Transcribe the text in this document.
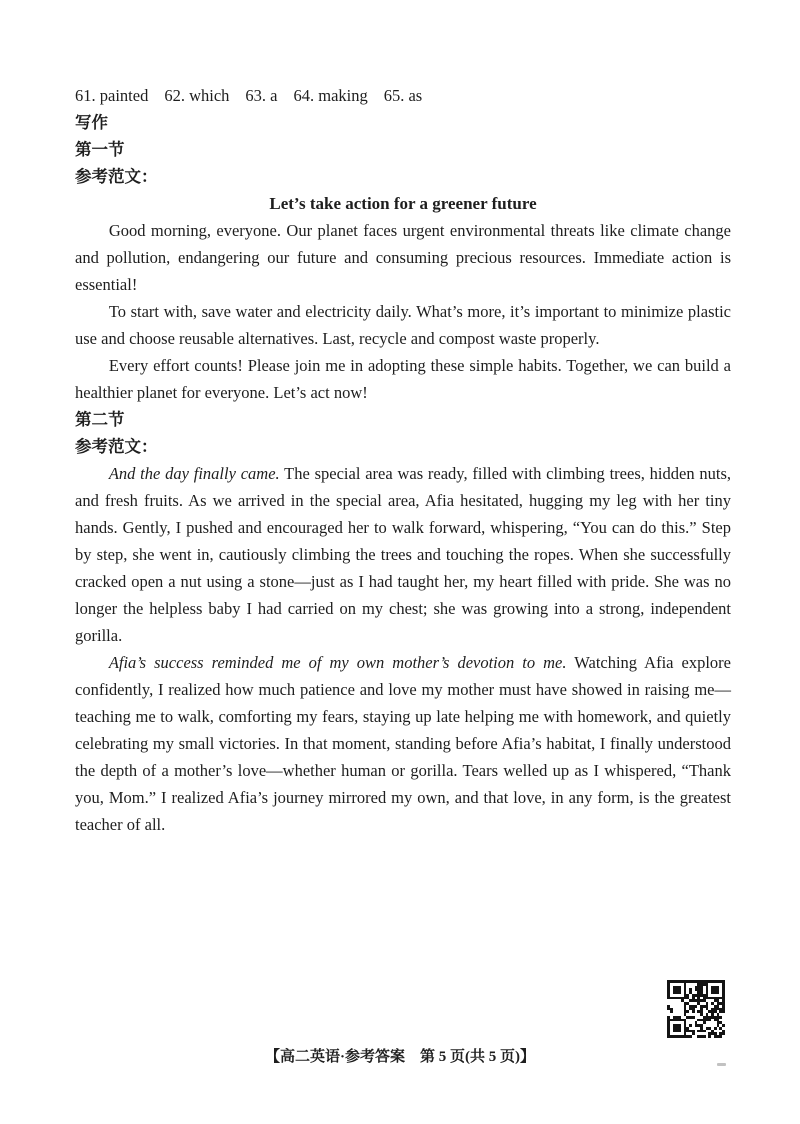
61. painted 62. which 63. a 64. making 65. as
写作
第一节
参考范文：
Let’s take action for a greener future

Good morning, everyone. Our planet faces urgent environmental threats like climate change and pollution, endangering our future and consuming precious resources. Immediate action is essential!

To start with, save water and electricity daily. What’s more, it’s important to minimize plastic use and choose reusable alternatives. Last, recycle and compost waste properly.

Every effort counts! Please join me in adopting these simple habits. Together, we can build a healthier planet for everyone. Let’s act now!

第二节
参考范文：

And the day finally came. The special area was ready, filled with climbing trees, hidden nuts, and fresh fruits. As we arrived in the special area, Afia hesitated, hugging my leg with her tiny hands. Gently, I pushed and encouraged her to walk forward, whispering, “You can do this.” Step by step, she went in, cautiously climbing the trees and touching the ropes. When she successfully cracked open a nut using a stone—just as I had taught her, my heart filled with pride. She was no longer the helpless baby I had carried on my chest; she was growing into a strong, independent gorilla.

Afia’s success reminded me of my own mother’s devotion to me. Watching Afia explore confidently, I realized how much patience and love my mother must have showed in raising me—teaching me to walk, comforting my fears, staying up late helping me with homework, and quietly celebrating my small victories. In that moment, standing before Afia’s habitat, I finally understood the depth of a mother’s love—whether human or gorilla. Tears welled up as I whispered, “Thank you, Mom.” I realized Afia’s journey mirrored my own, and that love, in any form, is the greatest teacher of all.

【高二英语·参考答案　第 5 页(共 5 页)】
